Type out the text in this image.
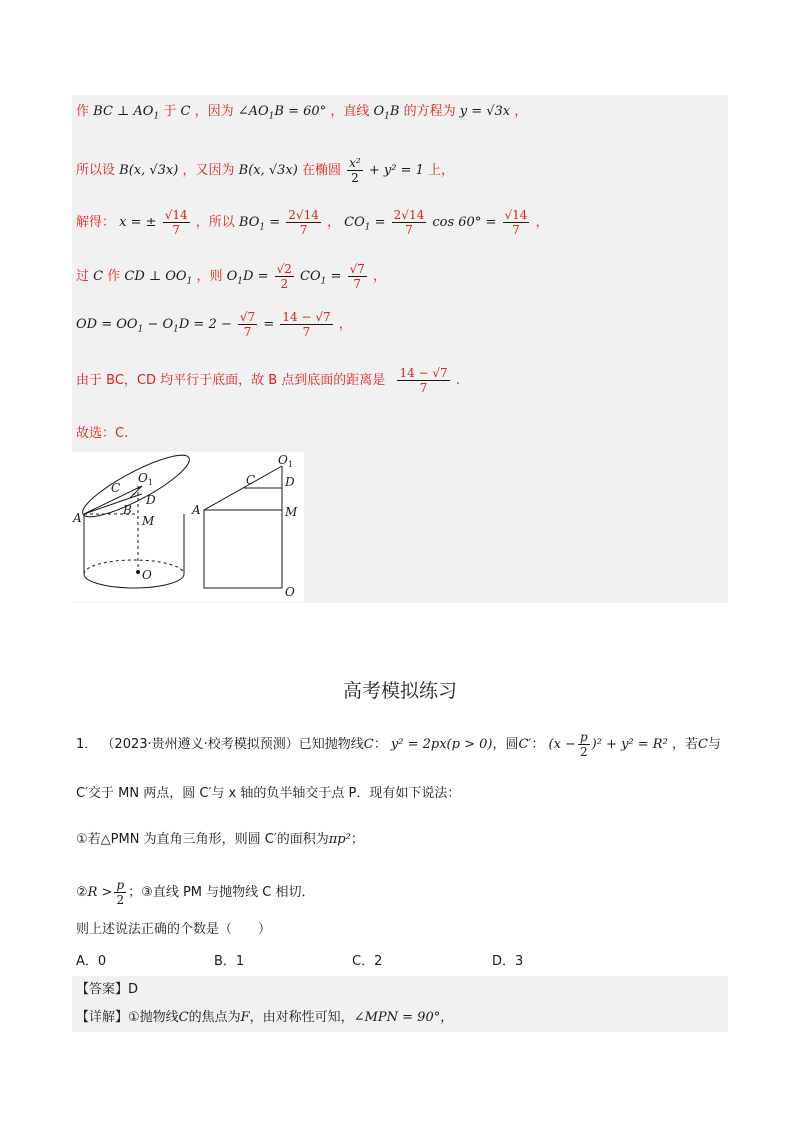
作 BC ⊥ $AO_1$ 于 C ，因为 $\angle AO_1B = 60^\circ$ ，直线 $O_1B$ 的方程为 y = √3x ，
所以设 B(x, √3x) ，又因为 B(x, √3x) 在椭圆 $\frac{\text{x²}}{2} + y^2 = 1$ 上，
解得： x = ± $\frac{√14}{7}$ ，所以 $BO_1 = \frac{2√14}{7}$ ， $CO_1 = \frac{2√14}{7}$ $\cos 60^\circ = \frac{√14}{7}$ ，
过 C 作 CD ⊥ $OO_1$ ，则 $O_1D = \frac{√2}{2} CO_1 = \frac{√7}{7}$ ，
OD = $OO_1 - O_1D = 2 - \frac{√7}{7} = \frac{14 - √7}{7}$ ，
由于 BC，CD 均平行于底面，故 B 点到底面的距离是 $\frac{14 - √7}{7}$ .
故选：C.
A
B
C
D
M
O
$O_1$
A
C D
M
O
$O_1$
高考模拟练习
1． （2023·贵州遵义·校考模拟预测）已知抛物线C： y² = 2px(p > 0)，圆C′： $(x - \frac{p}{2} )^2 + y^2 = R^2$ ，若C与
C′交于 MN 两点，圆 C′与 x 轴的负半轴交于点 P．现有如下说法：
①若△PMN 为直角三角形，则圆 C′的面积为πp²；
②R > $\frac{p}{2}$ ；③直线 PM 与抛物线 C 相切．
则上述说法正确的个数是（　　）
A．0	B．1	C．2	D．3
【答案】D
【详解】①抛物线C的焦点为F，由对称性可知，∠MPN = 90°，
